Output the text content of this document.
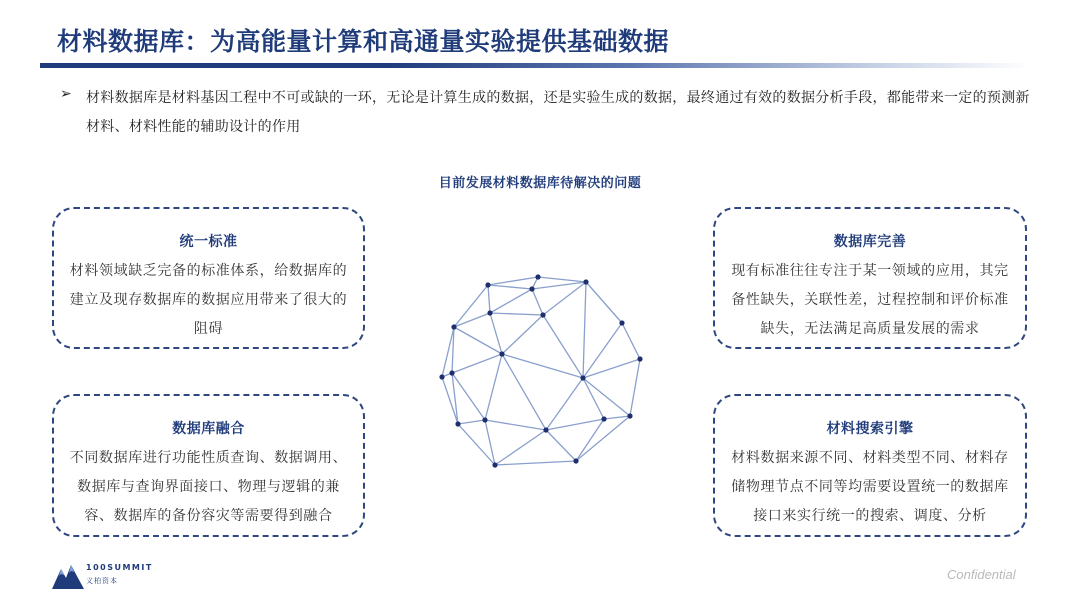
材料数据库：为高能量计算和高通量实验提供基础数据
➢ 材料数据库是材料基因工程中不可或缺的一环，无论是计算生成的数据，还是实验生成的数据，最终通过有效的数据分析手段，都能带来一定的预测新材料、材料性能的辅助设计的作用
目前发展材料数据库待解决的问题
统一标准
材料领域缺乏完备的标准体系，给数据库的建立及现存数据库的数据应用带来了很大的阻碍
数据库完善
现有标准往往专注于某一领域的应用，其完备性缺失，关联性差，过程控制和评价标准缺失，无法满足高质量发展的需求
数据库融合
不同数据库进行功能性质查询、数据调用、数据库与查询界面接口、物理与逻辑的兼容、数据库的备份容灾等需要得到融合
材料搜索引擎
材料数据来源不同、材料类型不同、材料存储物理节点不同等均需要设置统一的数据库接口来实行统一的搜索、调度、分析
100SUMMIT
义柏资本	Confidential
